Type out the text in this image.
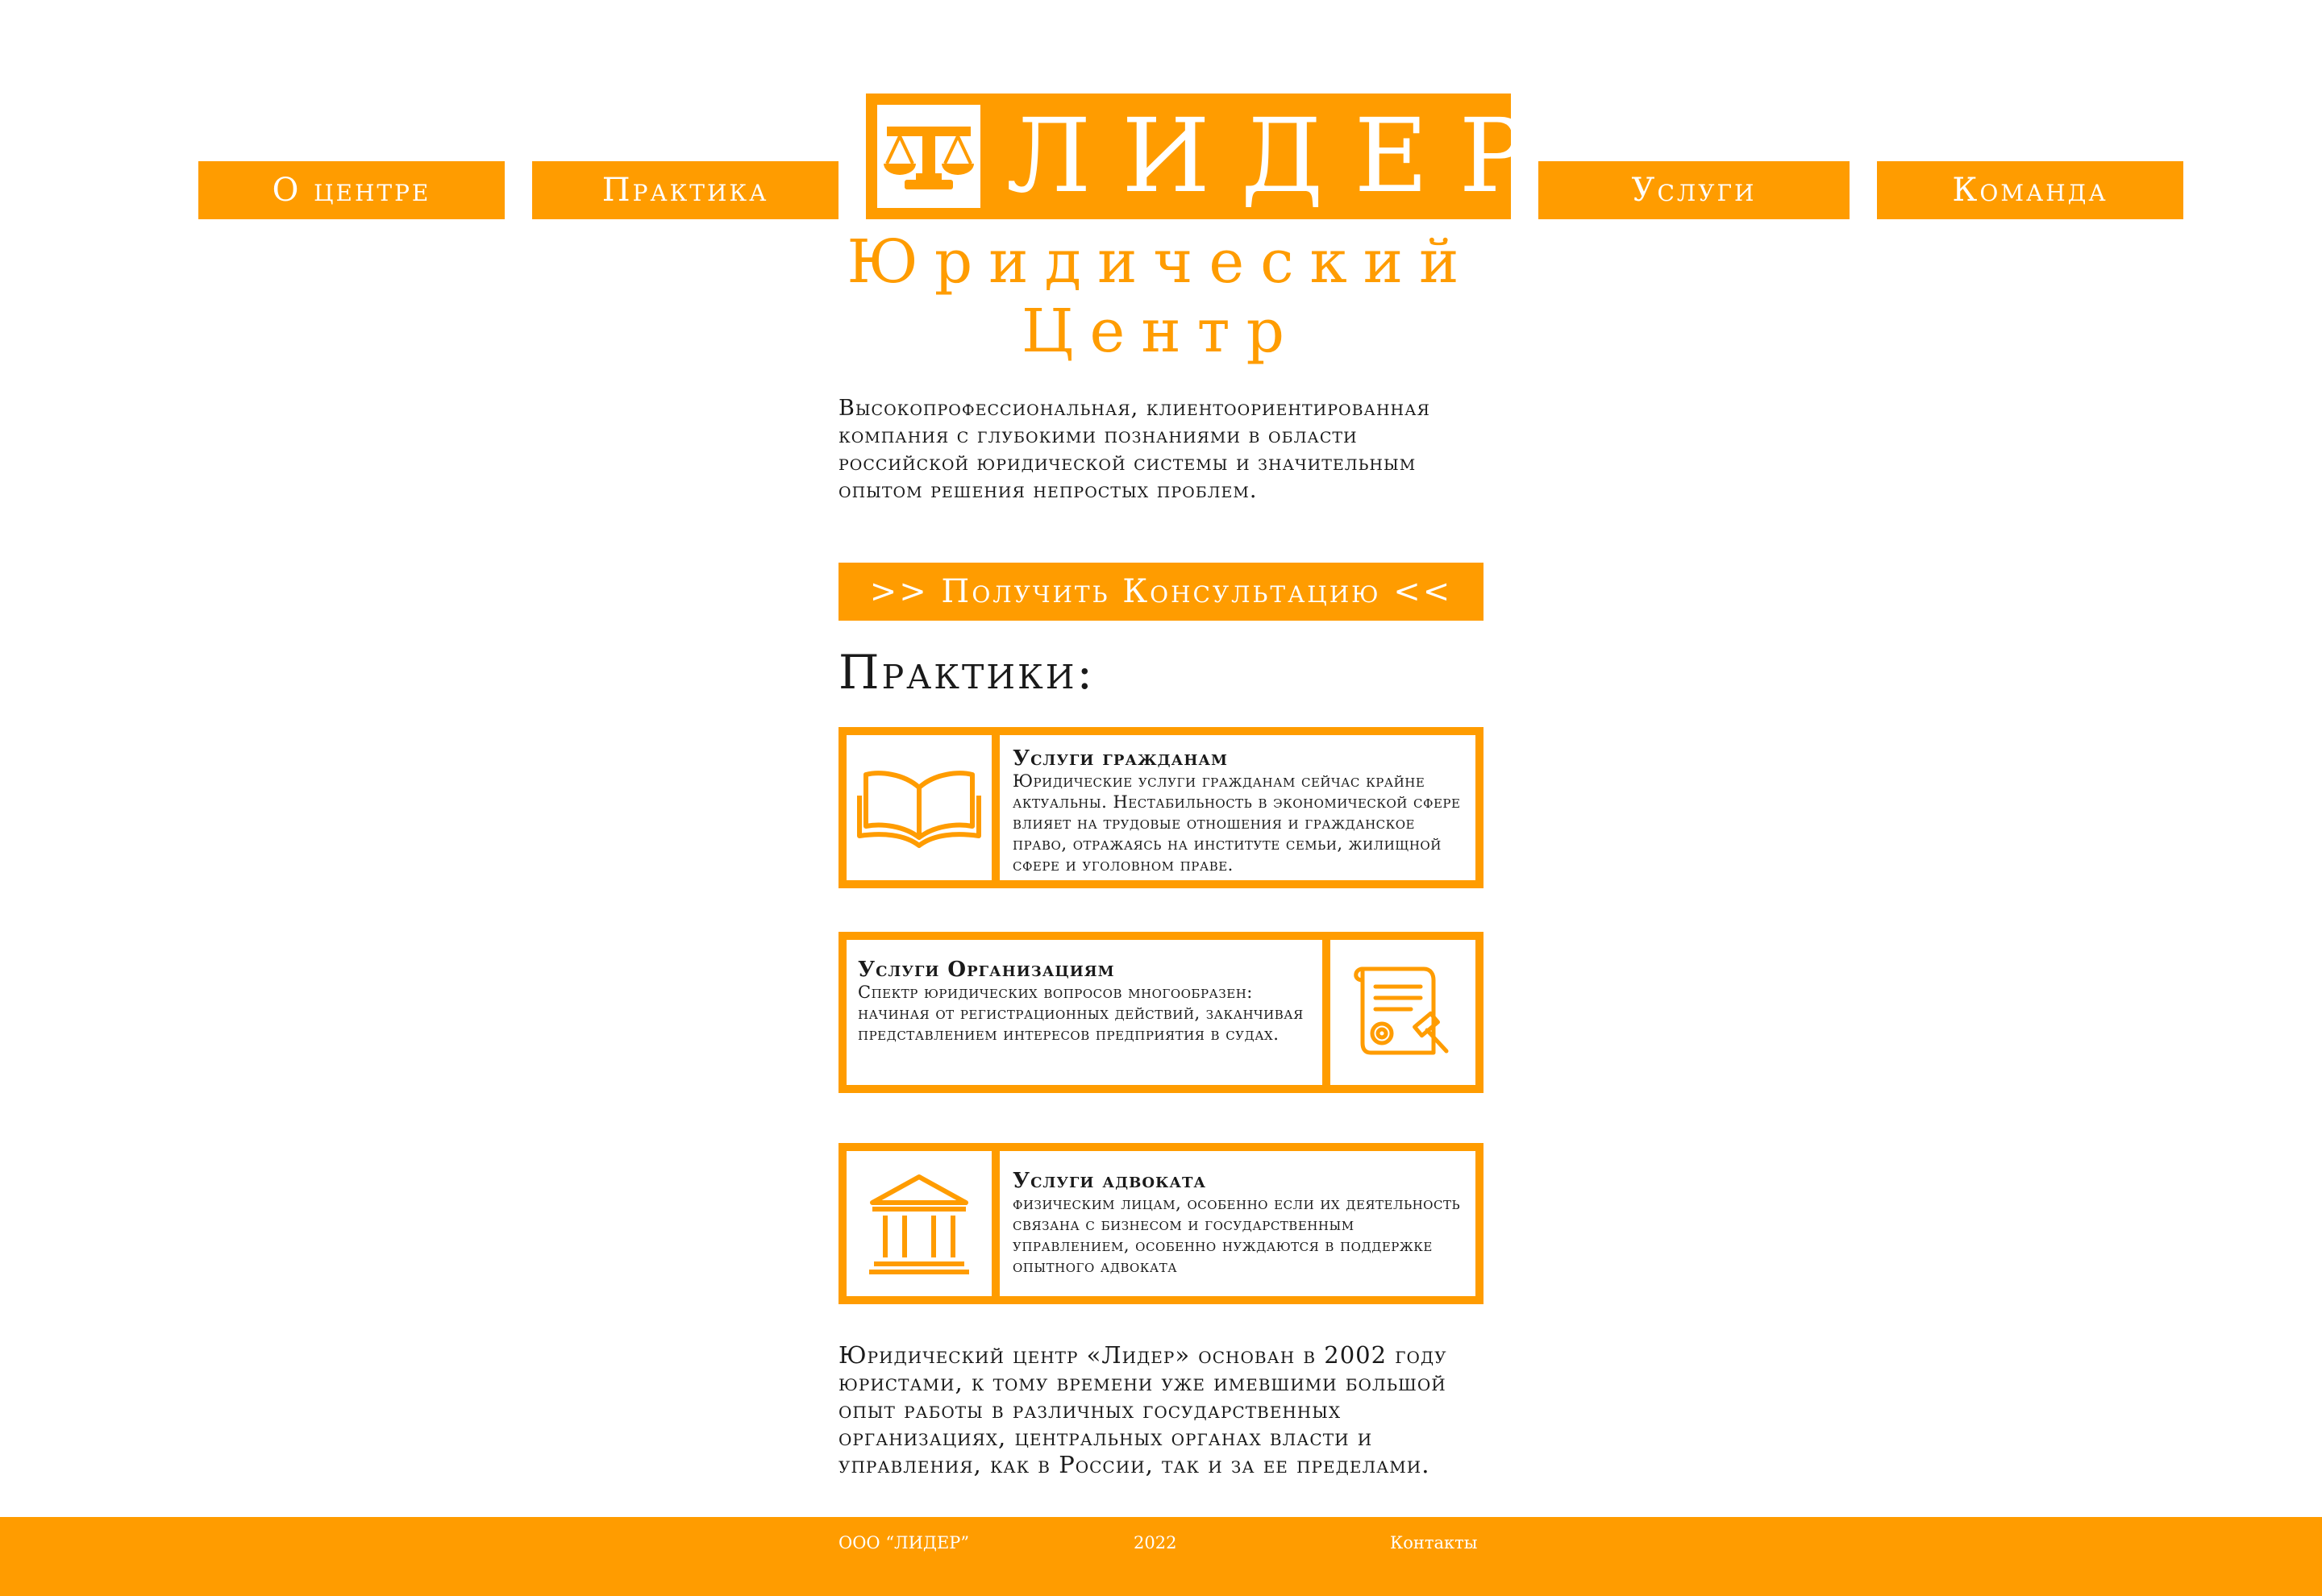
О центре	Практика	Услуги	Команда
ЛИДЕР
Юридический
Центр
Высокопрофессиональная, клиентоориентированная компания с глубокими познаниями в области российской юридической системы и значительным опытом решения непростых проблем.
>> Получить Консультацию <<
Практики:
Услуги гражданам
Юридические услуги гражданам сейчас крайне актуальны. Нестабильность в экономической сфере влияет на трудовые отношения и гражданское право, отражаясь на институте семьи, жилищной сфере и уголовном праве.
Услуги Организациям
Спектр юридических вопросов многообразен: начиная от регистрационных действий, заканчивая представлением интересов предприятия в судах.
Услуги адвоката
физическим лицам, особенно если их деятельность связана с бизнесом и государственным управлением, особенно нуждаются в поддержке опытного адвоката
Юридический центр «Лидер» основан в 2002 году юристами, к тому времени уже имевшими большой опыт работы в различных государственных организациях, центральных органах власти и управления, как в России, так и за ее пределами.
ООО “ЛИДЕР”	2022	Контакты
